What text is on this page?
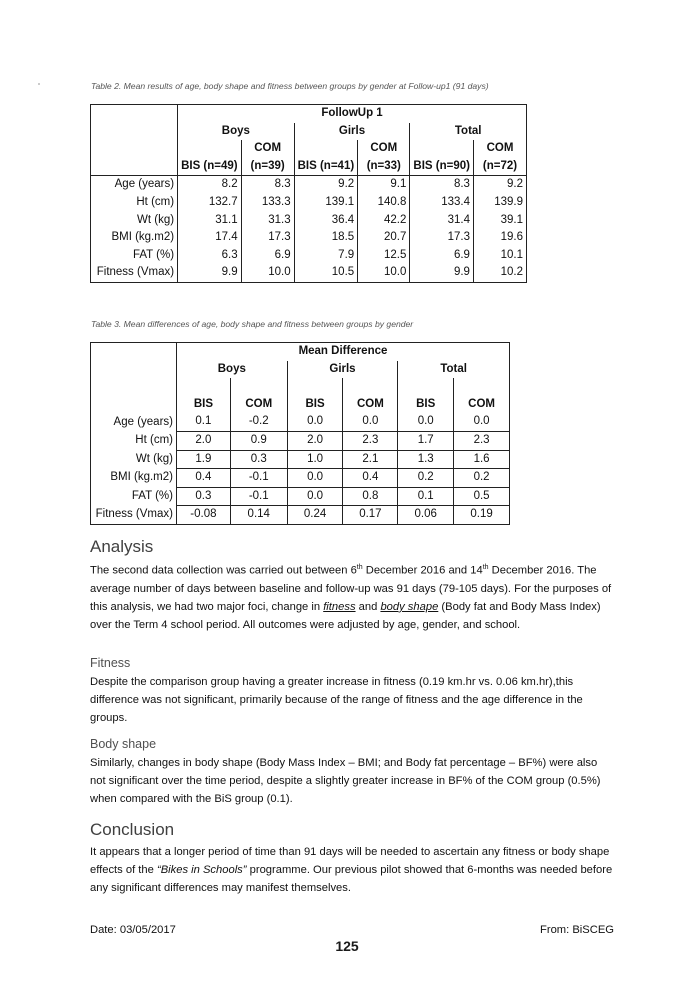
Table 2. Mean results of age, body shape and fitness between groups by gender at Follow-up1 (91 days)
	FollowUp 1					
	Boys		Girls		Total	
		COM		COM		COM
	BIS (n=49)	(n=39)	BIS (n=41)	(n=33)	BIS (n=90)	(n=72)
Age (years)	8.2	8.3	9.2	9.1	8.3	9.2
Ht (cm)	132.7	133.3	139.1	140.8	133.4	139.9
Wt (kg)	31.1	31.3	36.4	42.2	31.4	39.1
BMI (kg.m2)	17.4	17.3	18.5	20.7	17.3	19.6
FAT (%)	6.3	6.9	7.9	12.5	6.9	10.1
Fitness (Vmax)	9.9	10.0	10.5	10.0	9.9	10.2
Table 3. Mean differences of age, body shape and fitness between groups by gender
	Mean Difference					
	Boys		Girls		Total	

	BIS	COM	BIS	COM	BIS	COM
Age (years)	0.1	-0.2	0.0	0.0	0.0	0.0
Ht (cm)	2.0	0.9	2.0	2.3	1.7	2.3
Wt (kg)	1.9	0.3	1.0	2.1	1.3	1.6
BMI (kg.m2)	0.4	-0.1	0.0	0.4	0.2	0.2
FAT (%)	0.3	-0.1	0.0	0.8	0.1	0.5
Fitness (Vmax)	-0.08	0.14	0.24	0.17	0.06	0.19
Analysis
The second data collection was carried out between 6th December 2016 and 14th December 2016. The average number of days between baseline and follow-up was 91 days (79-105 days). For the purposes of this analysis, we had two major foci, change in fitness and body shape (Body fat and Body Mass Index) over the Term 4 school period. All outcomes were adjusted by age, gender, and school.
Fitness
Despite the comparison group having a greater increase in fitness (0.19 km.hr vs. 0.06 km.hr),this difference was not significant, primarily because of the range of fitness and the age difference in the groups.
Body shape
Similarly, changes in body shape (Body Mass Index – BMI; and Body fat percentage – BF%) were also not significant over the time period, despite a slightly greater increase in BF% of the COM group (0.5%) when compared with the BiS group (0.1).
Conclusion
It appears that a longer period of time than 91 days will be needed to ascertain any fitness or body shape effects of the “Bikes in Schools” programme. Our previous pilot showed that 6-months was needed before any significant differences may manifest themselves.
Date: 03/05/2017	From: BiSCEG
125
